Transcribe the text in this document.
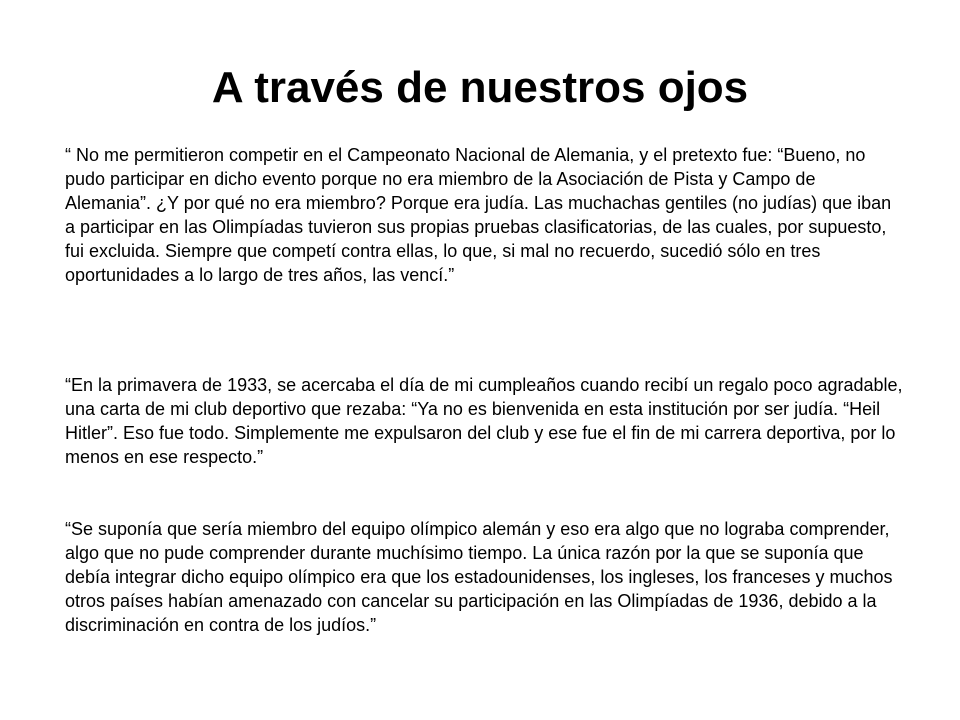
A través de nuestros ojos

“ No me permitieron competir en el Campeonato Nacional de Alemania, y el pretexto fue: “Bueno, no pudo participar en dicho evento porque no era miembro de la Asociación de Pista y Campo de Alemania”. ¿Y por qué no era miembro? Porque era judía. Las muchachas gentiles (no judías) que iban a participar en las Olimpíadas tuvieron sus propias pruebas clasificatorias, de las cuales, por supuesto, fui excluida. Siempre que competí contra ellas, lo que, si mal no recuerdo, sucedió sólo en tres oportunidades a lo largo de tres años, las vencí.”

“En la primavera de 1933, se acercaba el día de mi cumpleaños cuando recibí un regalo poco agradable, una carta de mi club deportivo que rezaba: “Ya no es bienvenida en esta institución por ser judía. “Heil Hitler”. Eso fue todo. Simplemente me expulsaron del club y ese fue el fin de mi carrera deportiva, por lo menos en ese respecto.”

“Se suponía que sería miembro del equipo olímpico alemán y eso era algo que no lograba comprender, algo que no pude comprender durante muchísimo tiempo. La única razón por la que se suponía que debía integrar dicho equipo olímpico era que los estadounidenses, los ingleses, los franceses y muchos otros países habían amenazado con cancelar su participación en las Olimpíadas de 1936, debido a la discriminación en contra de los judíos.”
